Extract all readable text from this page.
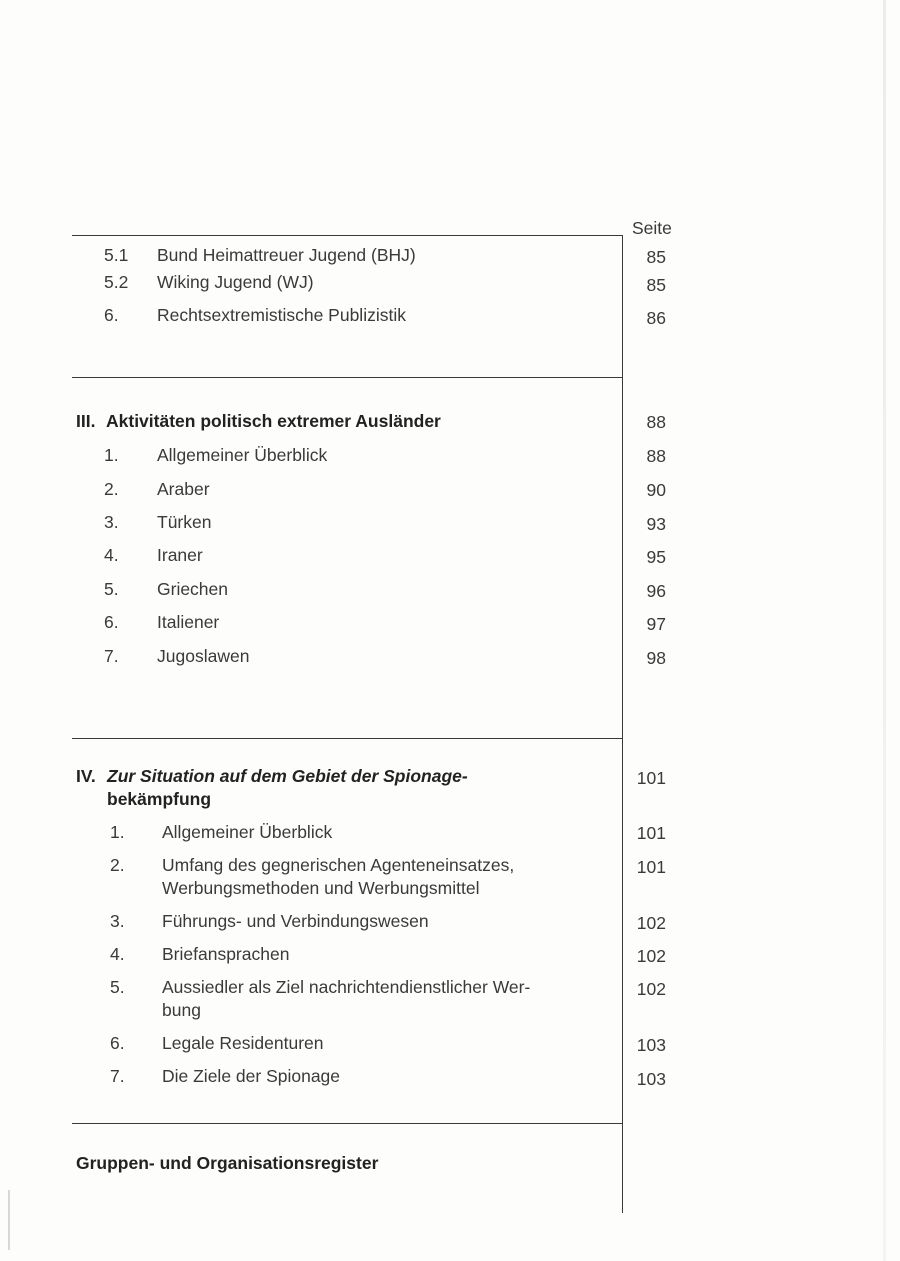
Seite
5.1 Bund Heimattreuer Jugend (BHJ)	85
5.2 Wiking Jugend (WJ)	85
6. Rechtsextremistische Publizistik	86
III. Aktivitäten politisch extremer Ausländer	88
1. Allgemeiner Überblick	88
2. Araber	90
3. Türken	93
4. Iraner	95
5. Griechen	96
6. Italiener	97
7. Jugoslawen	98
IV. Zur Situation auf dem Gebiet der Spionage-
bekämpfung
101
1. Allgemeiner Überblick	101
2. Umfang des gegnerischen Agenteneinsatzes,
Werbungsmethoden und Werbungsmittel
101
3. Führungs- und Verbindungswesen	102
4. Briefansprachen	102
5. Aussiedler als Ziel nachrichtendienstlicher Wer-
bung
102
6. Legale Residenturen	103
7. Die Ziele der Spionage	103
Gruppen- und Organisationsregister
